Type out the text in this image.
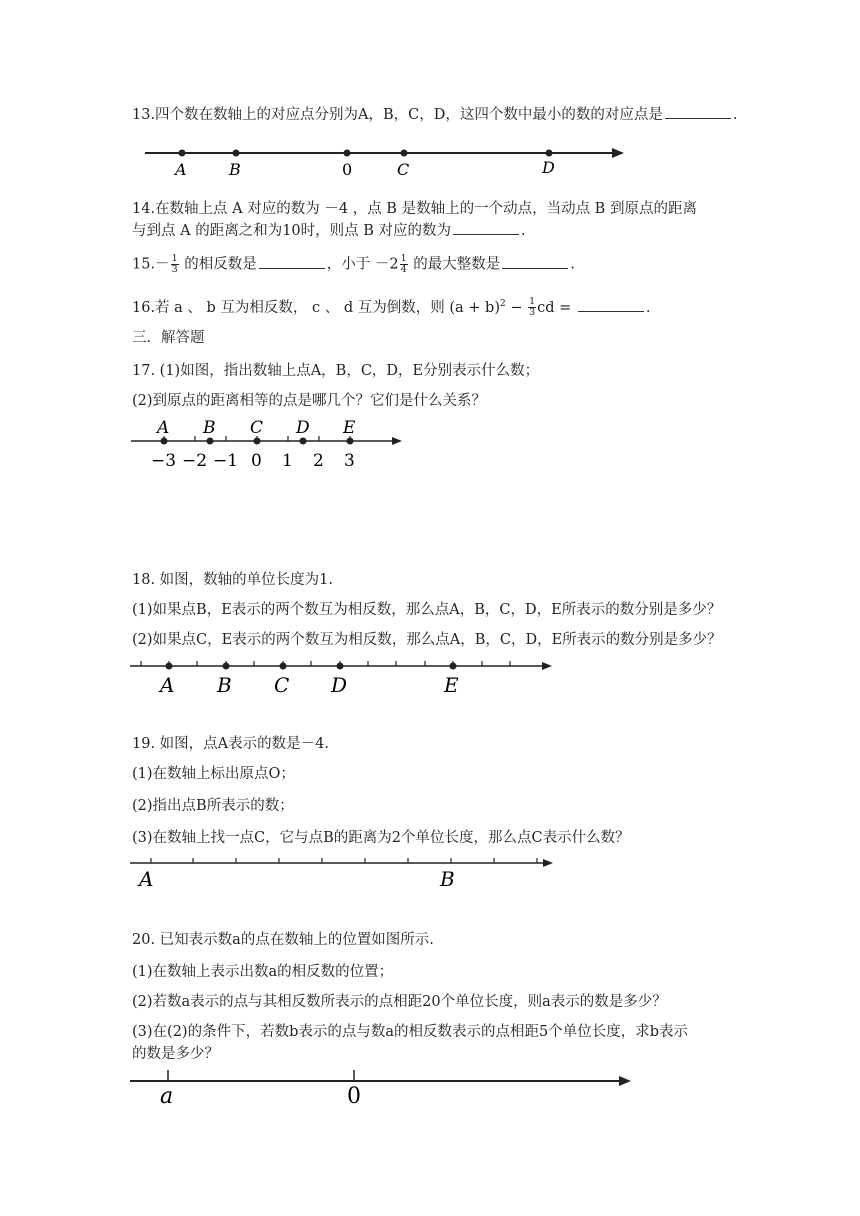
13.四个数在数轴上的对应点分别为A，B，C，D，这四个数中最小的数的对应点是	.
A	B	0	C	D
14.在数轴上点 A 对应的数为 －4 ，点 B 是数轴上的一个动点，当动点 B 到原点的距离
与到点 A 的距离之和为10时，则点 B 对应的数为	.
$15.- \frac{1}{3}$ 的相反数是	，小于 $-2 \frac{1}{4}$ 的最大整数是	.
16.若 a 、 b 互为相反数， c 、 d 互为倒数，则 $(a + b)^2 - \frac{1}{3}$ cd =	.
三．解答题
17. (1)如图，指出数轴上点A，B，C，D，E分别表示什么数；
(2)到原点的距离相等的点是哪几个？它们是什么关系？
A B C D E
−3 −2 −1 0 1 2 3
18. 如图，数轴的单位长度为1.
(1)如果点B，E表示的两个数互为相反数，那么点A，B，C，D，E所表示的数分别是多少？
(2)如果点C，E表示的两个数互为相反数，那么点A，B，C，D，E所表示的数分别是多少？
A B C D	E
19. 如图，点A表示的数是－4.
(1)在数轴上标出原点O；
(2)指出点B所表示的数；
(3)在数轴上找一点C，它与点B的距离为2个单位长度，那么点C表示什么数？
A	B
20. 已知表示数a的点在数轴上的位置如图所示.
(1)在数轴上表示出数a的相反数的位置；
(2)若数a表示的点与其相反数所表示的点相距20个单位长度，则a表示的数是多少？
(3)在(2)的条件下，若数b表示的点与数a的相反数表示的点相距5个单位长度，求b表示
的数是多少？
a	0
